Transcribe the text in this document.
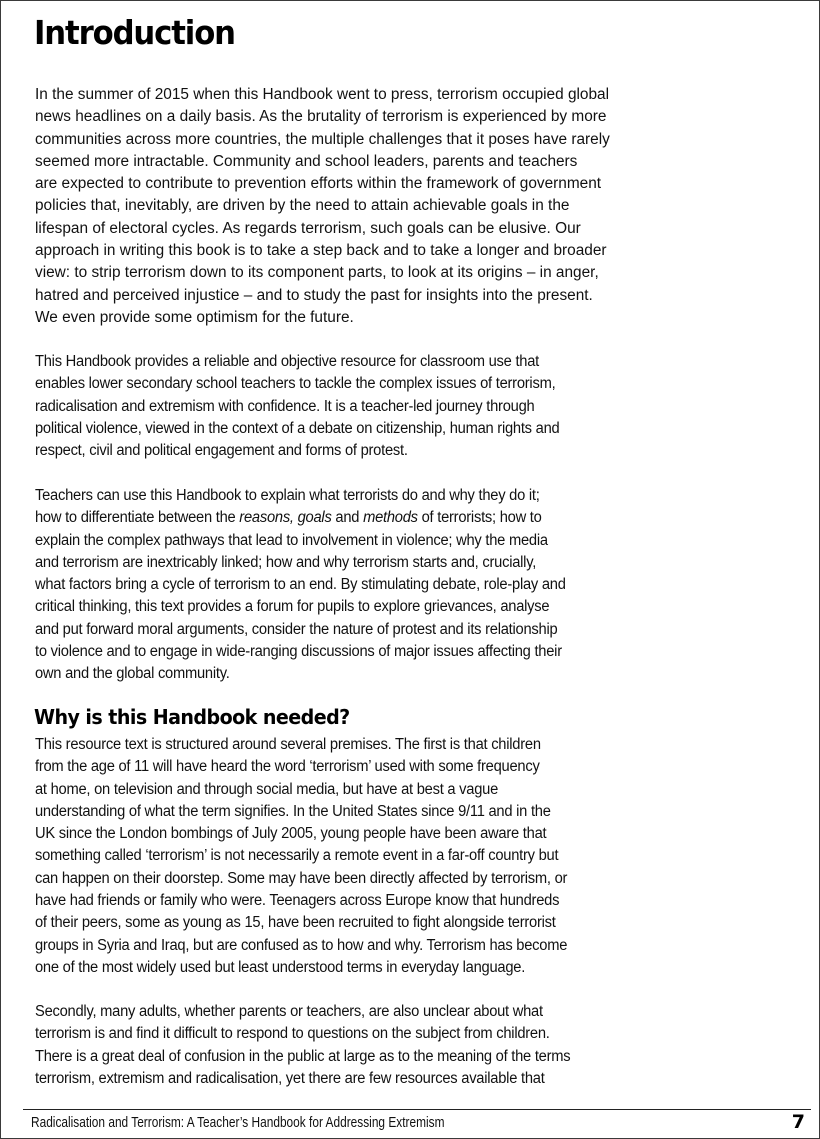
Introduction
In the summer of 2015 when this Handbook went to press, terrorism occupied global
news headlines on a daily basis. As the brutality of terrorism is experienced by more
communities across more countries, the multiple challenges that it poses have rarely
seemed more intractable. Community and school leaders, parents and teachers
are expected to contribute to prevention efforts within the framework of government
policies that, inevitably, are driven by the need to attain achievable goals in the
lifespan of electoral cycles. As regards terrorism, such goals can be elusive. Our
approach in writing this book is to take a step back and to take a longer and broader
view: to strip terrorism down to its component parts, to look at its origins – in anger,
hatred and perceived injustice – and to study the past for insights into the present.
We even provide some optimism for the future.
This Handbook provides a reliable and objective resource for classroom use that
enables lower secondary school teachers to tackle the complex issues of terrorism,
radicalisation and extremism with confidence. It is a teacher-led journey through
political violence, viewed in the context of a debate on citizenship, human rights and
respect, civil and political engagement and forms of protest.
Teachers can use this Handbook to explain what terrorists do and why they do it;
how to differentiate between the reasons, goals and methods of terrorists; how to
explain the complex pathways that lead to involvement in violence; why the media
and terrorism are inextricably linked; how and why terrorism starts and, crucially,
what factors bring a cycle of terrorism to an end. By stimulating debate, role-play and
critical thinking, this text provides a forum for pupils to explore grievances, analyse
and put forward moral arguments, consider the nature of protest and its relationship
to violence and to engage in wide-ranging discussions of major issues affecting their
own and the global community.
Why is this Handbook needed?
This resource text is structured around several premises. The first is that children
from the age of 11 will have heard the word ‘terrorism’ used with some frequency
at home, on television and through social media, but have at best a vague
understanding of what the term signifies. In the United States since 9/11 and in the
UK since the London bombings of July 2005, young people have been aware that
something called ‘terrorism’ is not necessarily a remote event in a far-off country but
can happen on their doorstep. Some may have been directly affected by terrorism, or
have had friends or family who were. Teenagers across Europe know that hundreds
of their peers, some as young as 15, have been recruited to fight alongside terrorist
groups in Syria and Iraq, but are confused as to how and why. Terrorism has become
one of the most widely used but least understood terms in everyday language.
Secondly, many adults, whether parents or teachers, are also unclear about what
terrorism is and find it difficult to respond to questions on the subject from children.
There is a great deal of confusion in the public at large as to the meaning of the terms
terrorism, extremism and radicalisation, yet there are few resources available that
Radicalisation and Terrorism: A Teacher’s Handbook for Addressing Extremism	7
